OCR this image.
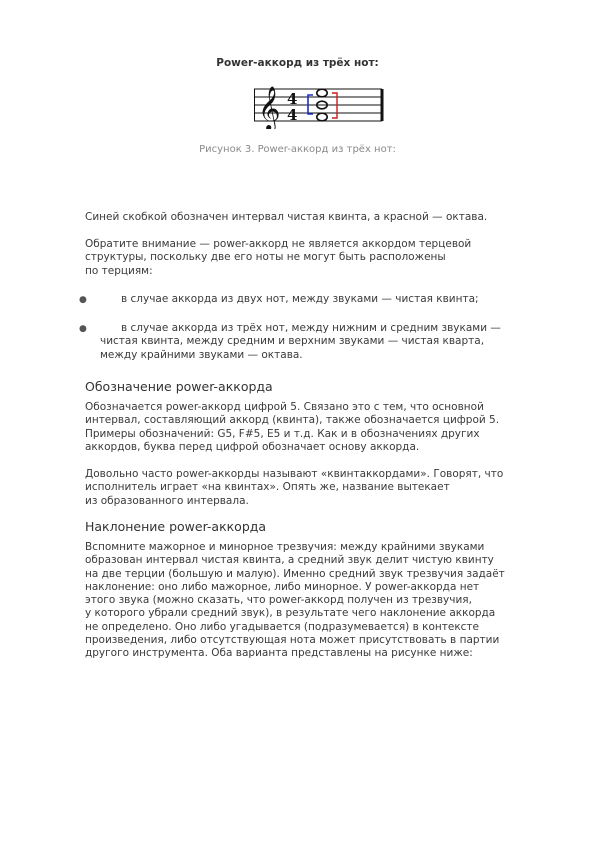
Power-аккорд из трёх нот:
𝄞 4
4
Рисунок 3. Power-аккорд из трёх нот:
Синей скобкой обозначен интервал чистая квинта, а красной — октава.
Обратите внимание — power-аккорд не является аккордом терцевой
структуры, поскольку две его ноты не могут быть расположены
по терциям:
●	в случае аккорда из двух нот, между звуками — чистая квинта;
●	в случае аккорда из трёх нот, между нижним и средним звуками —
чистая квинта, между средним и верхним звуками — чистая кварта,
между крайними звуками — октава.
Обозначение power-аккорда
Обозначается power-аккорд цифрой 5. Связано это с тем, что основной
интервал, составляющий аккорд (квинта), также обозначается цифрой 5.
Примеры обозначений: G5, F#5, E5 и т.д. Как и в обозначениях других
аккордов, буква перед цифрой обозначает основу аккорда.
Довольно часто power-аккорды называют «квинтаккордами». Говорят, что
исполнитель играет «на квинтах». Опять же, название вытекает
из образованного интервала.
Наклонение power-аккорда
Вспомните мажорное и минорное трезвучия: между крайними звуками
образован интервал чистая квинта, а средний звук делит чистую квинту
на две терции (большую и малую). Именно средний звук трезвучия задаёт
наклонение: оно либо мажорное, либо минорное. У power-аккорда нет
этого звука (можно сказать, что power-аккорд получен из трезвучия,
у которого убрали средний звук), в результате чего наклонение аккорда
не определено. Оно либо угадывается (подразумевается) в контексте
произведения, либо отсутствующая нота может присутствовать в партии
другого инструмента. Оба варианта представлены на рисунке ниже:
